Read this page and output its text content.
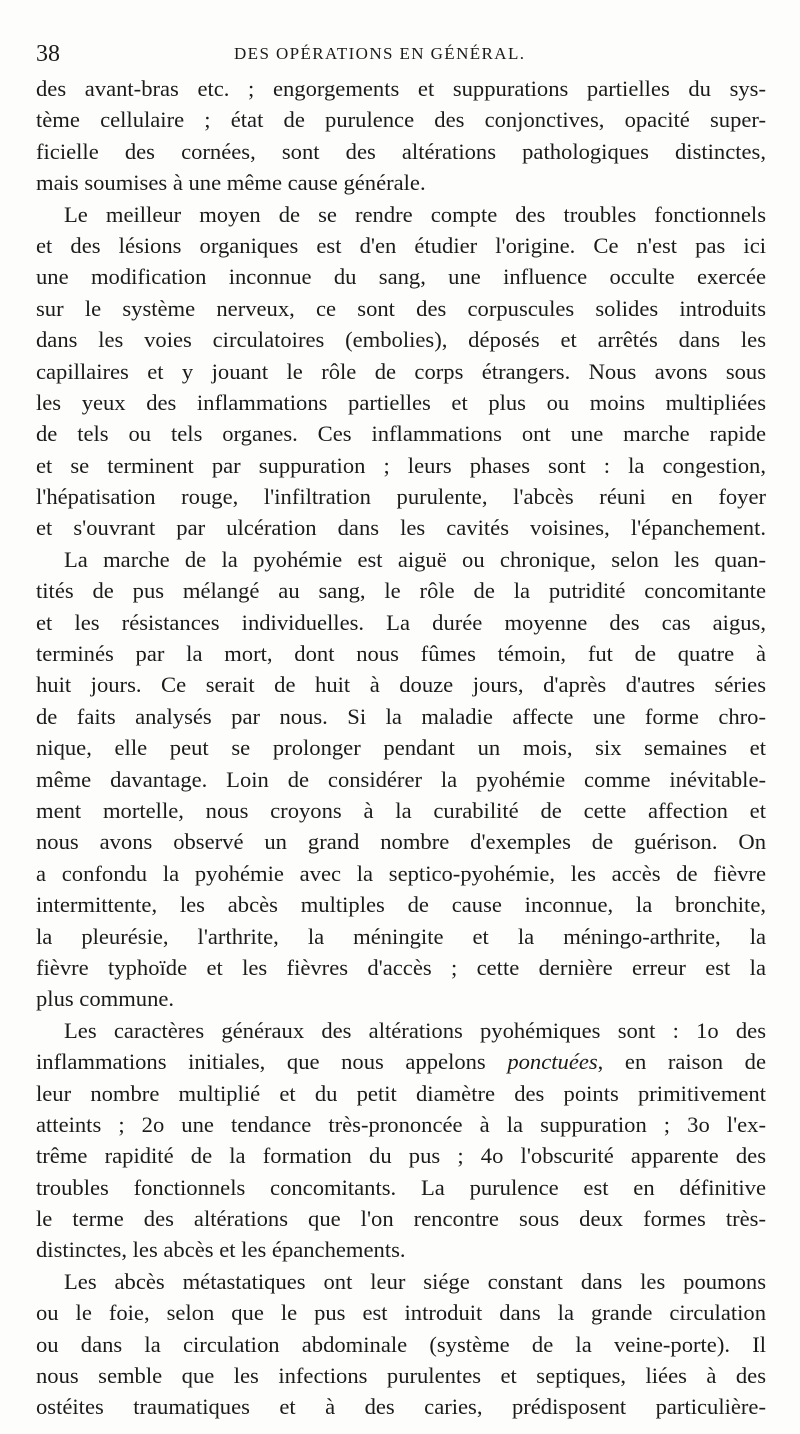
38	DES OPÉRATIONS EN GÉNÉRAL.
des avant-bras etc. ; engorgements et suppurations partielles du sys-
tème cellulaire ; état de purulence des conjonctives, opacité super-
ficielle des cornées, sont des altérations pathologiques distinctes,
mais soumises à une même cause générale.
Le meilleur moyen de se rendre compte des troubles fonctionnels
et des lésions organiques est d'en étudier l'origine. Ce n'est pas ici
une modification inconnue du sang, une influence occulte exercée
sur le système nerveux, ce sont des corpuscules solides introduits
dans les voies circulatoires (embolies), déposés et arrêtés dans les
capillaires et y jouant le rôle de corps étrangers. Nous avons sous
les yeux des inflammations partielles et plus ou moins multipliées
de tels ou tels organes. Ces inflammations ont une marche rapide
et se terminent par suppuration ; leurs phases sont : la congestion,
l'hépatisation rouge, l'infiltration purulente, l'abcès réuni en foyer
et s'ouvrant par ulcération dans les cavités voisines, l'épanchement.
La marche de la pyohémie est aiguë ou chronique, selon les quan-
tités de pus mélangé au sang, le rôle de la putridité concomitante
et les résistances individuelles. La durée moyenne des cas aigus,
terminés par la mort, dont nous fûmes témoin, fut de quatre à
huit jours. Ce serait de huit à douze jours, d'après d'autres séries
de faits analysés par nous. Si la maladie affecte une forme chro-
nique, elle peut se prolonger pendant un mois, six semaines et
même davantage. Loin de considérer la pyohémie comme inévitable-
ment mortelle, nous croyons à la curabilité de cette affection et
nous avons observé un grand nombre d'exemples de guérison. On
a confondu la pyohémie avec la septico-pyohémie, les accès de fièvre
intermittente, les abcès multiples de cause inconnue, la bronchite,
la pleurésie, l'arthrite, la méningite et la méningo-arthrite, la
fièvre typhoïde et les fièvres d'accès ; cette dernière erreur est la
plus commune.
Les caractères généraux des altérations pyohémiques sont : 1o des
inflammations initiales, que nous appelons ponctuées, en raison de
leur nombre multiplié et du petit diamètre des points primitivement
atteints ; 2o une tendance très-prononcée à la suppuration ; 3o l'ex-
trême rapidité de la formation du pus ; 4o l'obscurité apparente des
troubles fonctionnels concomitants. La purulence est en définitive
le terme des altérations que l'on rencontre sous deux formes très-
distinctes, les abcès et les épanchements.
Les abcès métastatiques ont leur siége constant dans les poumons
ou le foie, selon que le pus est introduit dans la grande circulation
ou dans la circulation abdominale (système de la veine-porte). Il
nous semble que les infections purulentes et septiques, liées à des
ostéites traumatiques et à des caries, prédisposent particulière-
